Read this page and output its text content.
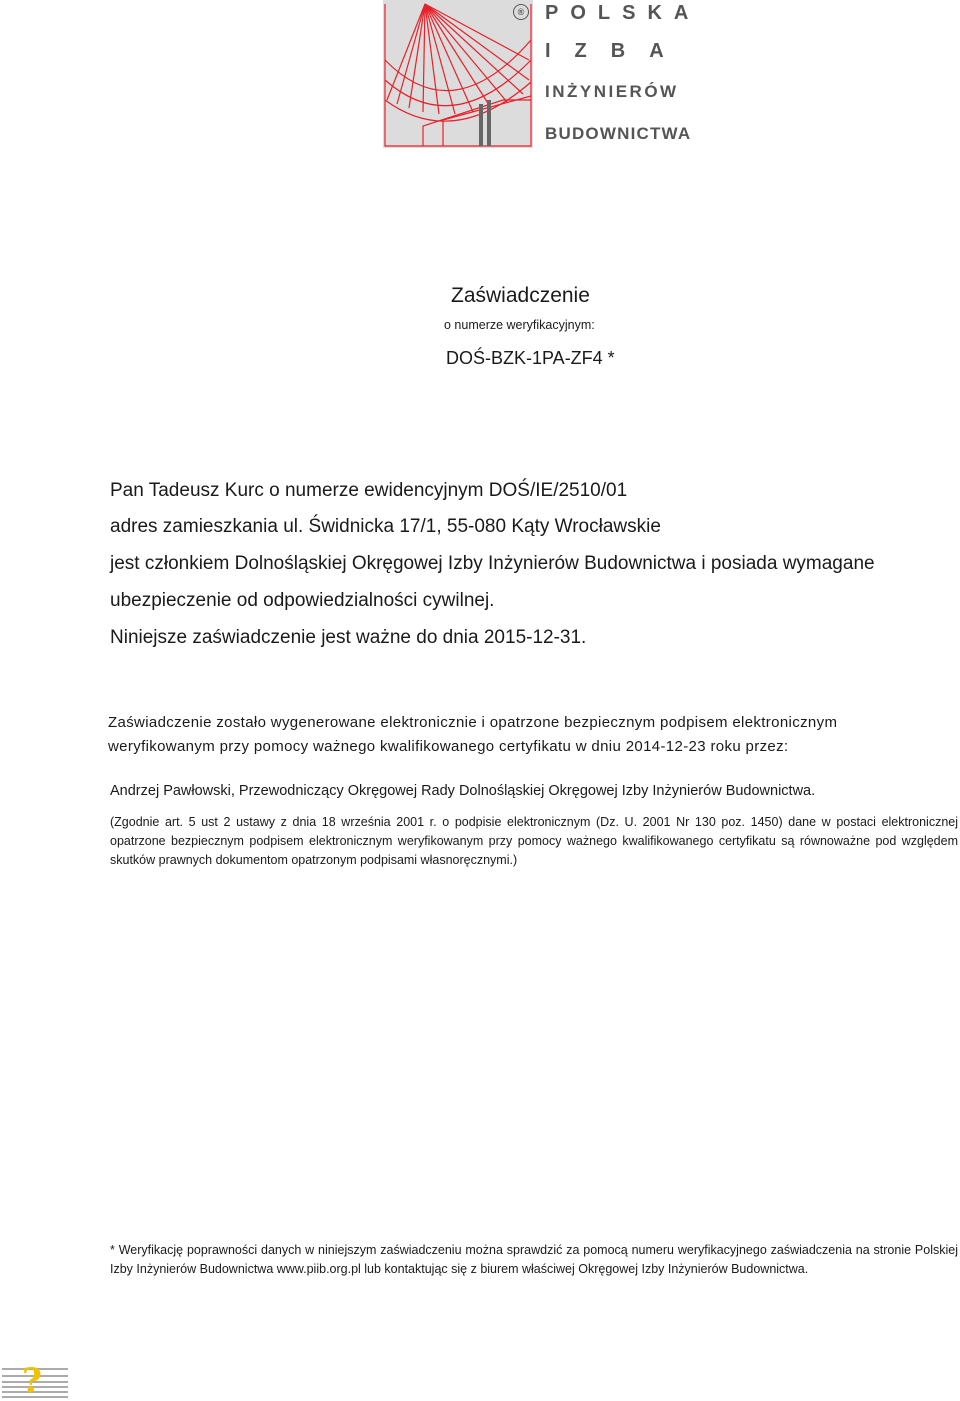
® POLSKA
IZBA
INŻYNIERÓW
BUDOWNICTWA
Zaświadczenie
o numerze weryfikacyjnym:
DOŚ-BZK-1PA-ZF4 *
Pan Tadeusz Kurc o numerze ewidencyjnym DOŚ/IE/2510/01
adres zamieszkania ul. Świdnicka 17/1, 55-080 Kąty Wrocławskie
jest członkiem Dolnośląskiej Okręgowej Izby Inżynierów Budownictwa i posiada wymagane
ubezpieczenie od odpowiedzialności cywilnej.
Niniejsze zaświadczenie jest ważne do dnia 2015-12-31.
Zaświadczenie zostało wygenerowane elektronicznie i opatrzone bezpiecznym podpisem elektronicznym
weryfikowanym przy pomocy ważnego kwalifikowanego certyfikatu w dniu 2014-12-23 roku przez:
Andrzej Pawłowski, Przewodniczący Okręgowej Rady Dolnośląskiej Okręgowej Izby Inżynierów Budownictwa.
(Zgodnie art. 5 ust 2 ustawy z dnia 18 września 2001 r. o podpisie elektronicznym (Dz. U. 2001 Nr 130 poz. 1450) dane w postaci elektronicznej opatrzone bezpiecznym podpisem elektronicznym weryfikowanym przy pomocy ważnego kwalifikowanego certyfikatu są równoważne pod względem skutków prawnych dokumentom opatrzonym podpisami własnoręcznymi.)
* Weryfikację poprawności danych w niniejszym zaświadczeniu można sprawdzić za pomocą numeru weryfikacyjnego zaświadczenia na stronie Polskiej Izby Inżynierów Budownictwa www.piib.org.pl lub kontaktując się z biurem właściwej Okręgowej Izby Inżynierów Budownictwa.
?
